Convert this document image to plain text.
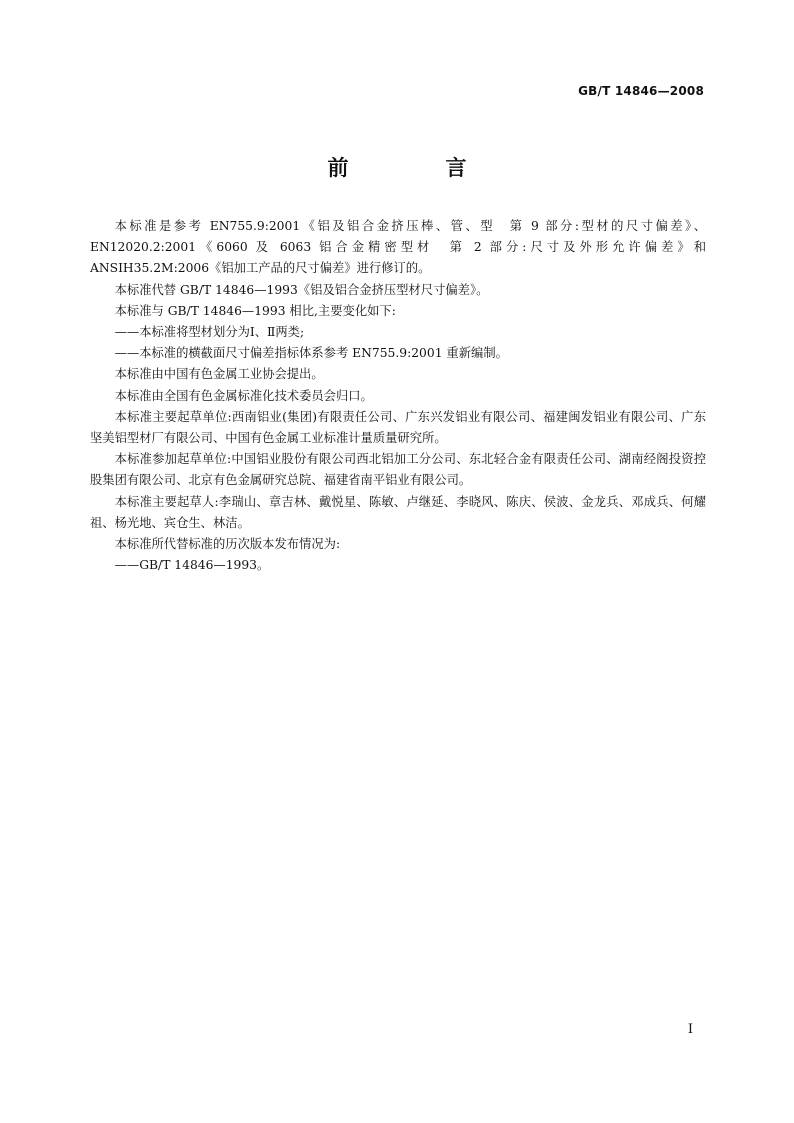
GB/T 14846—2008
前　言

本标准是参考 EN755.9:2001《铝及铝合金挤压棒、管、型　第 9 部分:型材的尺寸偏差》、EN12020.2:2001《6060 及 6063 铝合金精密型材　第 2 部分:尺寸及外形允许偏差》和 ANSIH35.2M:2006《铝加工产品的尺寸偏差》进行修订的。

本标准代替 GB/T 14846—1993《铝及铝合金挤压型材尺寸偏差》。

本标准与 GB/T 14846—1993 相比,主要变化如下:

——本标准将型材划分为Ⅰ、Ⅱ两类;

——本标准的横截面尺寸偏差指标体系参考 EN755.9:2001 重新编制。

本标准由中国有色金属工业协会提出。

本标准由全国有色金属标准化技术委员会归口。

本标准主要起草单位:西南铝业(集团)有限责任公司、广东兴发铝业有限公司、福建闽发铝业有限公司、广东坚美铝型材厂有限公司、中国有色金属工业标准计量质量研究所。

本标准参加起草单位:中国铝业股份有限公司西北铝加工分公司、东北轻合金有限责任公司、湖南经阁投资控股集团有限公司、北京有色金属研究总院、福建省南平铝业有限公司。

本标准主要起草人:李瑞山、章吉林、戴悦星、陈敏、卢继延、李晓风、陈庆、侯波、金龙兵、邓成兵、何耀祖、杨光地、宾仓生、林洁。

本标准所代替标准的历次版本发布情况为:

——GB/T 14846—1993。

I
